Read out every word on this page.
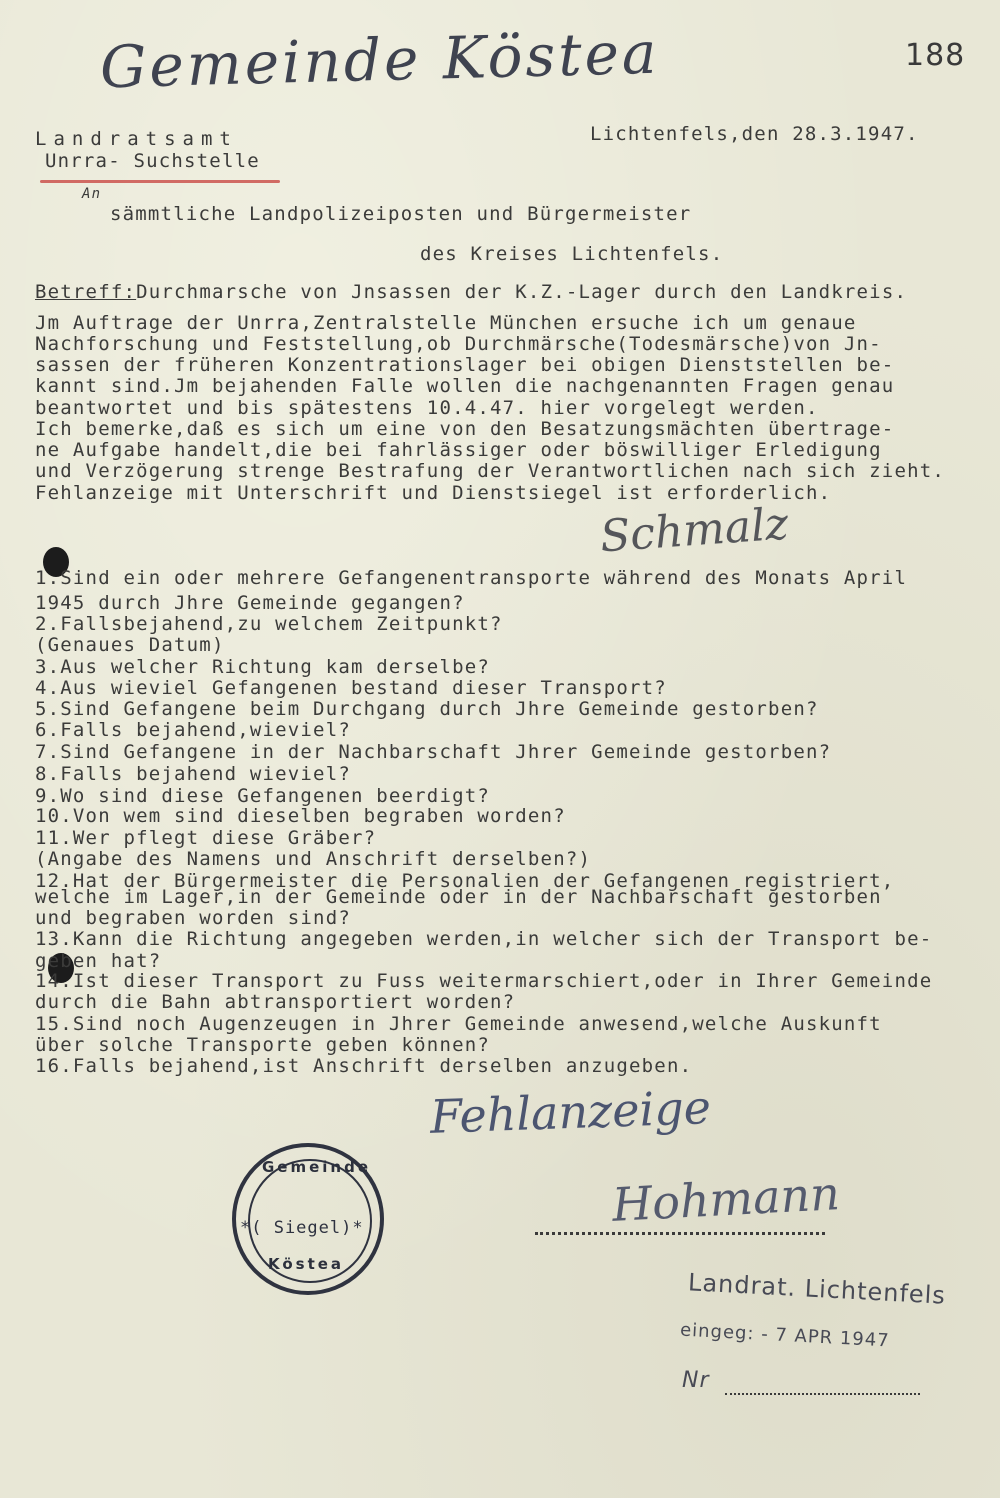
Gemeinde Köstea	188
Landratsamt
Unrra- Suchstelle
Lichtenfels,den 28.3.1947.
An
sämmtliche Landpolizeiposten und Bürgermeister
des Kreises Lichtenfels.
Betreff:Durchmarsche von Jnsassen der K.Z.-Lager durch den Landkreis.
Jm Auftrage der Unrra,Zentralstelle München ersuche ich um genaue
Nachforschung und Feststellung,ob Durchmärsche(Todesmärsche)von Jn-
sassen der früheren Konzentrationslager bei obigen Dienststellen be-
kannt sind.Jm bejahenden Falle wollen die nachgenannten Fragen genau
beantwortet und bis spätestens 10.4.47. hier vorgelegt werden.
Ich bemerke,daß es sich um eine von den Besatzungsmächten übertrage-
ne Aufgabe handelt,die bei fahrlässiger oder böswilliger Erledigung
und Verzögerung strenge Bestrafung der Verantwortlichen nach sich zieht.
Fehlanzeige mit Unterschrift und Dienstsiegel ist erforderlich.
Schmalz
1.Sind ein oder mehrere Gefangenentransporte während des Monats April
1945 durch Jhre Gemeinde gegangen?
2.Fallsbejahend,zu welchem Zeitpunkt?
(Genaues Datum)
3.Aus welcher Richtung kam derselbe?
4.Aus wieviel Gefangenen bestand dieser Transport?
5.Sind Gefangene beim Durchgang durch Jhre Gemeinde gestorben?
6.Falls bejahend,wieviel?
7.Sind Gefangene in der Nachbarschaft Jhrer Gemeinde gestorben?
8.Falls bejahend wieviel?
9.Wo sind diese Gefangenen beerdigt?
10.Von wem sind dieselben begraben worden?
11.Wer pflegt diese Gräber?
(Angabe des Namens und Anschrift derselben?)
12.Hat der Bürgermeister die Personalien der Gefangenen registriert,
welche im Lager,in der Gemeinde oder in der Nachbarschaft gestorben
und begraben worden sind?
13.Kann die Richtung angegeben werden,in welcher sich der Transport be-
geben hat?
14.Ist dieser Transport zu Fuss weitermarschiert,oder in Ihrer Gemeinde
durch die Bahn abtransportiert worden?
15.Sind noch Augenzeugen in Jhrer Gemeinde anwesend,welche Auskunft
über solche Transporte geben können?
16.Falls bejahend,ist Anschrift derselben anzugeben.
Fehlanzeige
Gemeinde
*( Siegel)*
Köstea
Hohmann
Landrat. Lichtenfels
eingeg: - 7 APR 1947
Nr
